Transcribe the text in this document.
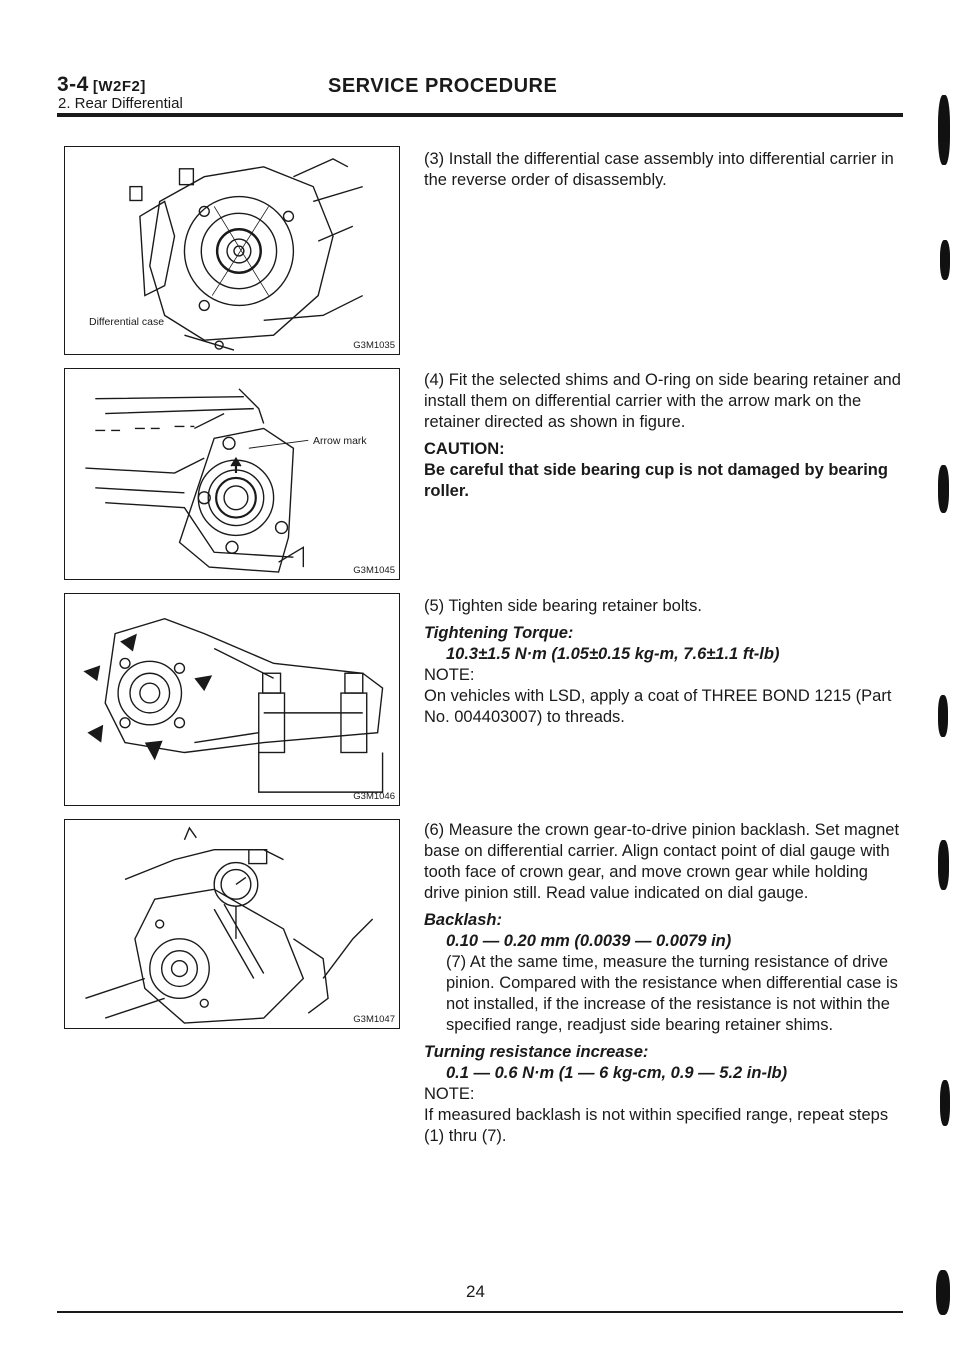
3-4 [W2F2]	SERVICE PROCEDURE
2. Rear Differential
Differential case
G3M1035
Arrow mark
G3M1045
G3M1046
G3M1047

(3) Install the differential case assembly into differential carrier in the reverse order of disassembly.

(4) Fit the selected shims and O-ring on side bearing retainer and install them on differential carrier with the arrow mark on the retainer directed as shown in figure.

CAUTION:

Be careful that side bearing cup is not damaged by bearing roller.

(5) Tighten side bearing retainer bolts.

Tightening Torque:

10.3±1.5 N·m (1.05±0.15 kg-m, 7.6±1.1 ft-lb)

NOTE:

On vehicles with LSD, apply a coat of THREE BOND 1215 (Part No. 004403007) to threads.

(6) Measure the crown gear-to-drive pinion backlash. Set magnet base on differential carrier. Align contact point of dial gauge with tooth face of crown gear, and move crown gear while holding drive pinion still. Read value indicated on dial gauge.

Backlash:

0.10 — 0.20 mm (0.0039 — 0.0079 in)

(7) At the same time, measure the turning resistance of drive pinion. Compared with the resistance when differential case is not installed, if the increase of the resistance is not within the specified range, readjust side bearing retainer shims.

Turning resistance increase:

0.1 — 0.6 N·m (1 — 6 kg-cm, 0.9 — 5.2 in-lb)

NOTE:

If measured backlash is not within specified range, repeat steps (1) thru (7).

24
